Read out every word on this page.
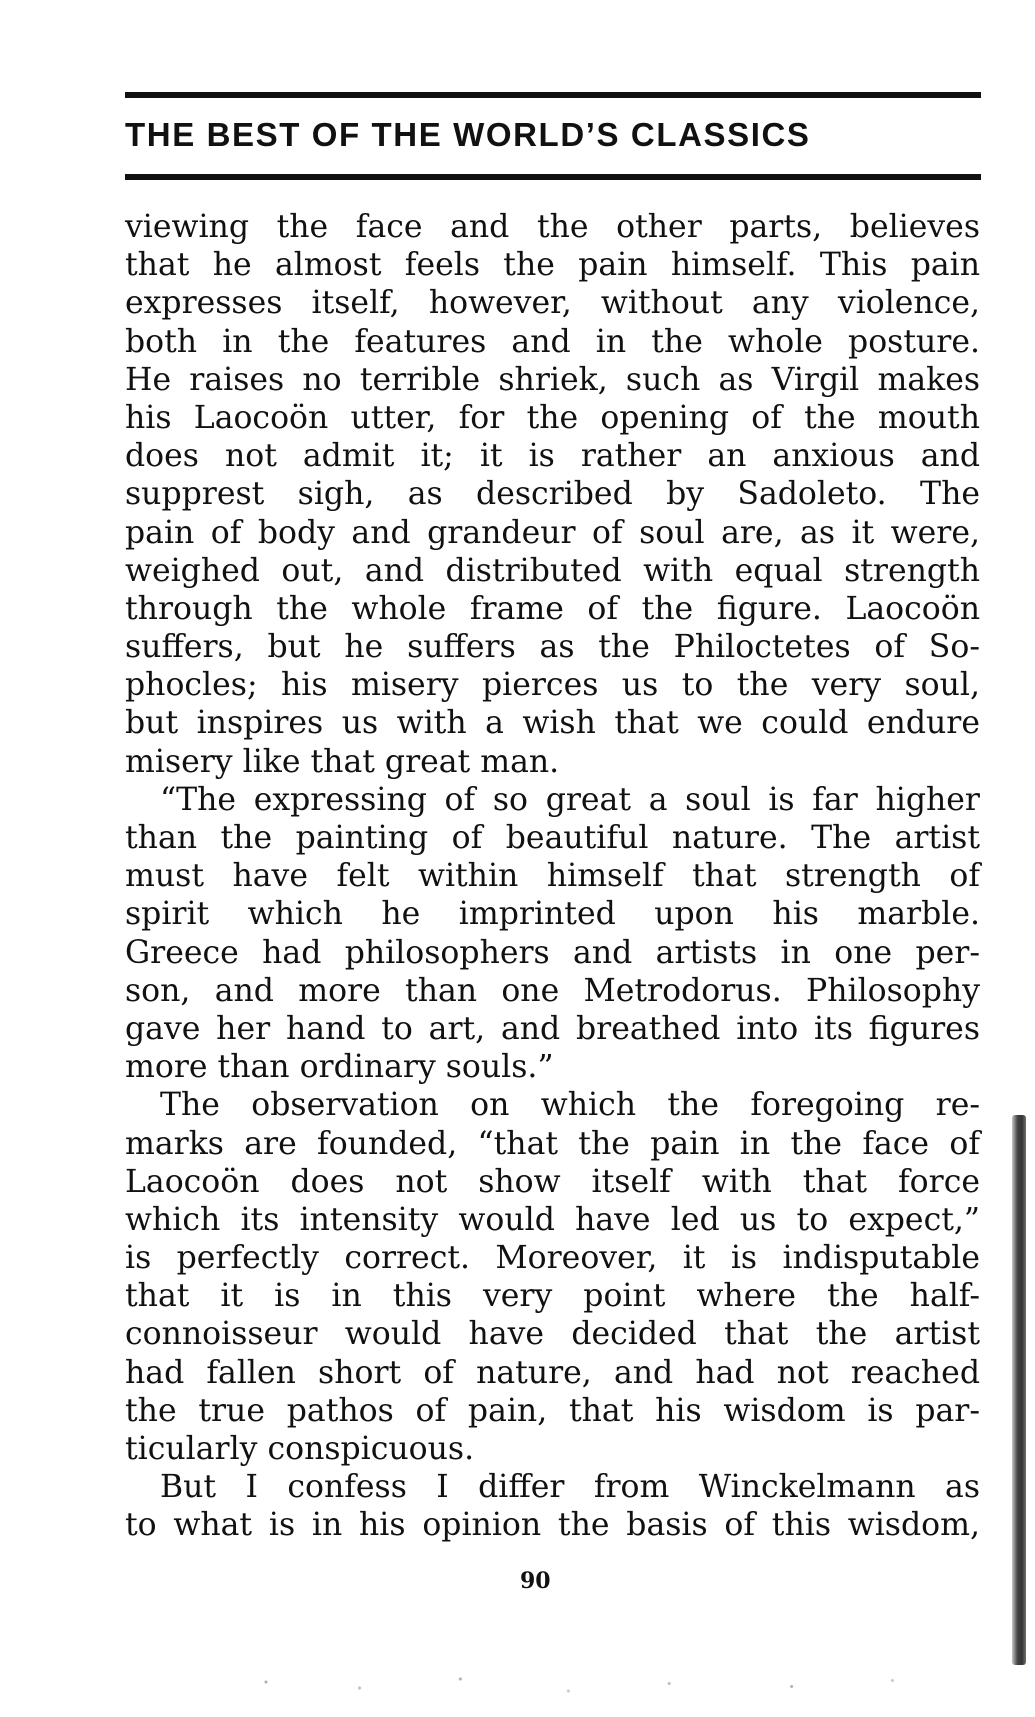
THE BEST OF THE WORLD’S CLASSICS
viewing the face and the other parts, believes
that he almost feels the pain himself. This pain
expresses itself, however, without any violence,
both in the features and in the whole posture.
He raises no terrible shriek, such as Virgil makes
his Laocoön utter, for the opening of the mouth
does not admit it; it is rather an anxious and
supprest sigh, as described by Sadoleto. The
pain of body and grandeur of soul are, as it were,
weighed out, and distributed with equal strength
through the whole frame of the figure. Laocoön
suffers, but he suffers as the Philoctetes of So-
phocles; his misery pierces us to the very soul,
but inspires us with a wish that we could endure
misery like that great man.
“The expressing of so great a soul is far higher
than the painting of beautiful nature. The artist
must have felt within himself that strength of
spirit which he imprinted upon his marble.
Greece had philosophers and artists in one per-
son, and more than one Metrodorus. Philosophy
gave her hand to art, and breathed into its figures
more than ordinary souls.”
The observation on which the foregoing re-
marks are founded, “that the pain in the face of
Laocoön does not show itself with that force
which its intensity would have led us to expect,”
is perfectly correct. Moreover, it is indisputable
that it is in this very point where the half-
connoisseur would have decided that the artist
had fallen short of nature, and had not reached
the true pathos of pain, that his wisdom is par-
ticularly conspicuous.
But I confess I differ from Winckelmann as
to what is in his opinion the basis of this wisdom,
90
